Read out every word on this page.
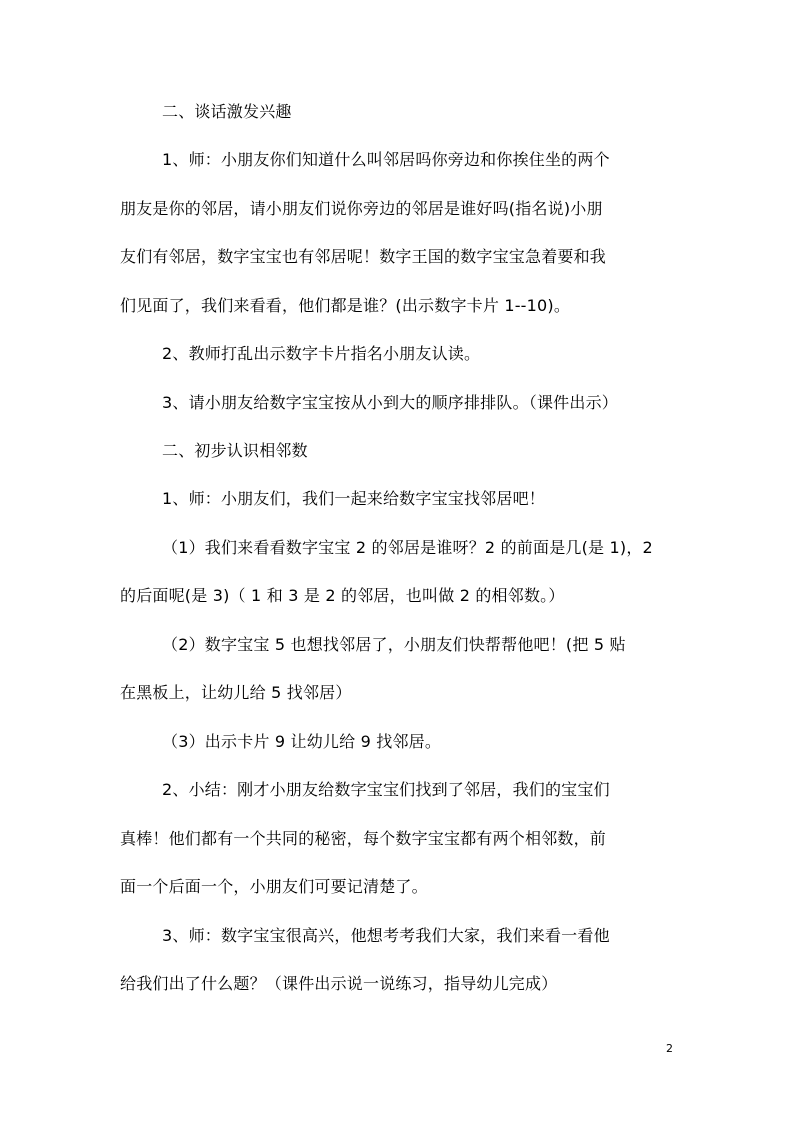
二、谈话激发兴趣
1、师：小朋友你们知道什么叫邻居吗你旁边和你挨住坐的两个
朋友是你的邻居，请小朋友们说你旁边的邻居是谁好吗(指名说)小朋
友们有邻居，数字宝宝也有邻居呢！数字王国的数字宝宝急着要和我
们见面了，我们来看看，他们都是谁？(出示数字卡片 1--10)。
2、教师打乱出示数字卡片指名小朋友认读。
3、请小朋友给数字宝宝按从小到大的顺序排排队。（课件出示）
二、初步认识相邻数
1、师：小朋友们，我们一起来给数字宝宝找邻居吧！
（1）我们来看看数字宝宝 2 的邻居是谁呀？2 的前面是几(是 1)，2
的后面呢(是 3)（ 1 和 3 是 2 的邻居，也叫做 2 的相邻数。）
（2）数字宝宝 5 也想找邻居了，小朋友们快帮帮他吧！(把 5 贴
在黑板上，让幼儿给 5 找邻居）
（3）出示卡片 9 让幼儿给 9 找邻居。
2、小结：刚才小朋友给数字宝宝们找到了邻居，我们的宝宝们
真棒！他们都有一个共同的秘密，每个数字宝宝都有两个相邻数，前
面一个后面一个，小朋友们可要记清楚了。
3、师：数字宝宝很高兴，他想考考我们大家，我们来看一看他
给我们出了什么题？（课件出示说一说练习，指导幼儿完成）
2
